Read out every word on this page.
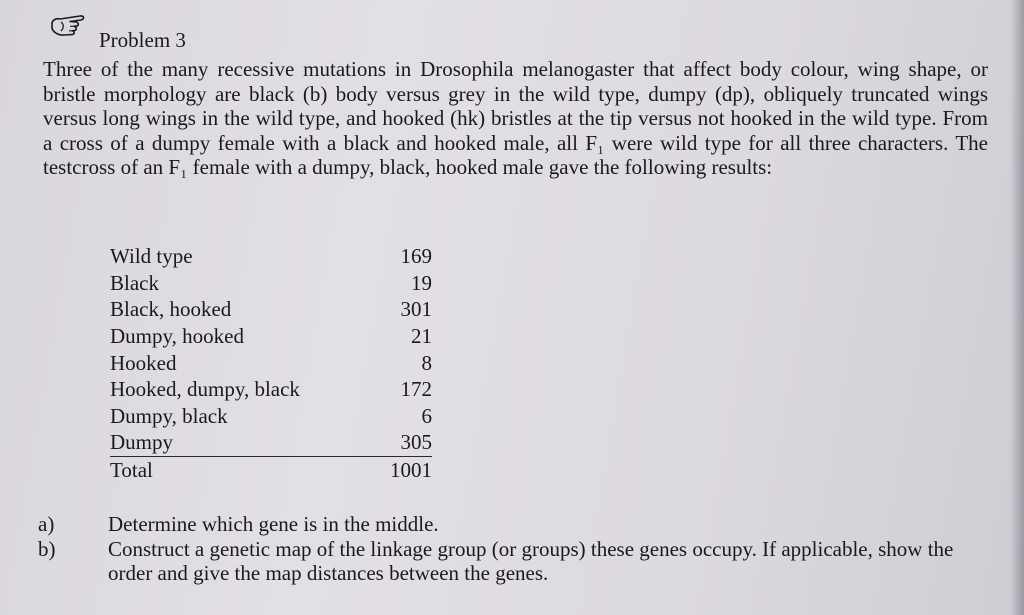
Problem 3
Three of the many recessive mutations in Drosophila melanogaster that affect body colour, wing shape, or bristle morphology are black (b) body versus grey in the wild type, dumpy (dp), obliquely truncated wings versus long wings in the wild type, and hooked (hk) bristles at the tip versus not hooked in the wild type. From a cross of a dumpy female with a black and hooked male, all F₁ were wild type for all three characters. The testcross of an F₁ female with a dumpy, black, hooked male gave the following results:
Wild type	169
Black	19
Black, hooked	301
Dumpy, hooked	21
Hooked	8
Hooked, dumpy, black	172
Dumpy, black	6
Dumpy	305
Total	1001
a)	Determine which gene is in the middle.
b)	Construct a genetic map of the linkage group (or groups) these genes occupy. If applicable, show the order and give the map distances between the genes.
